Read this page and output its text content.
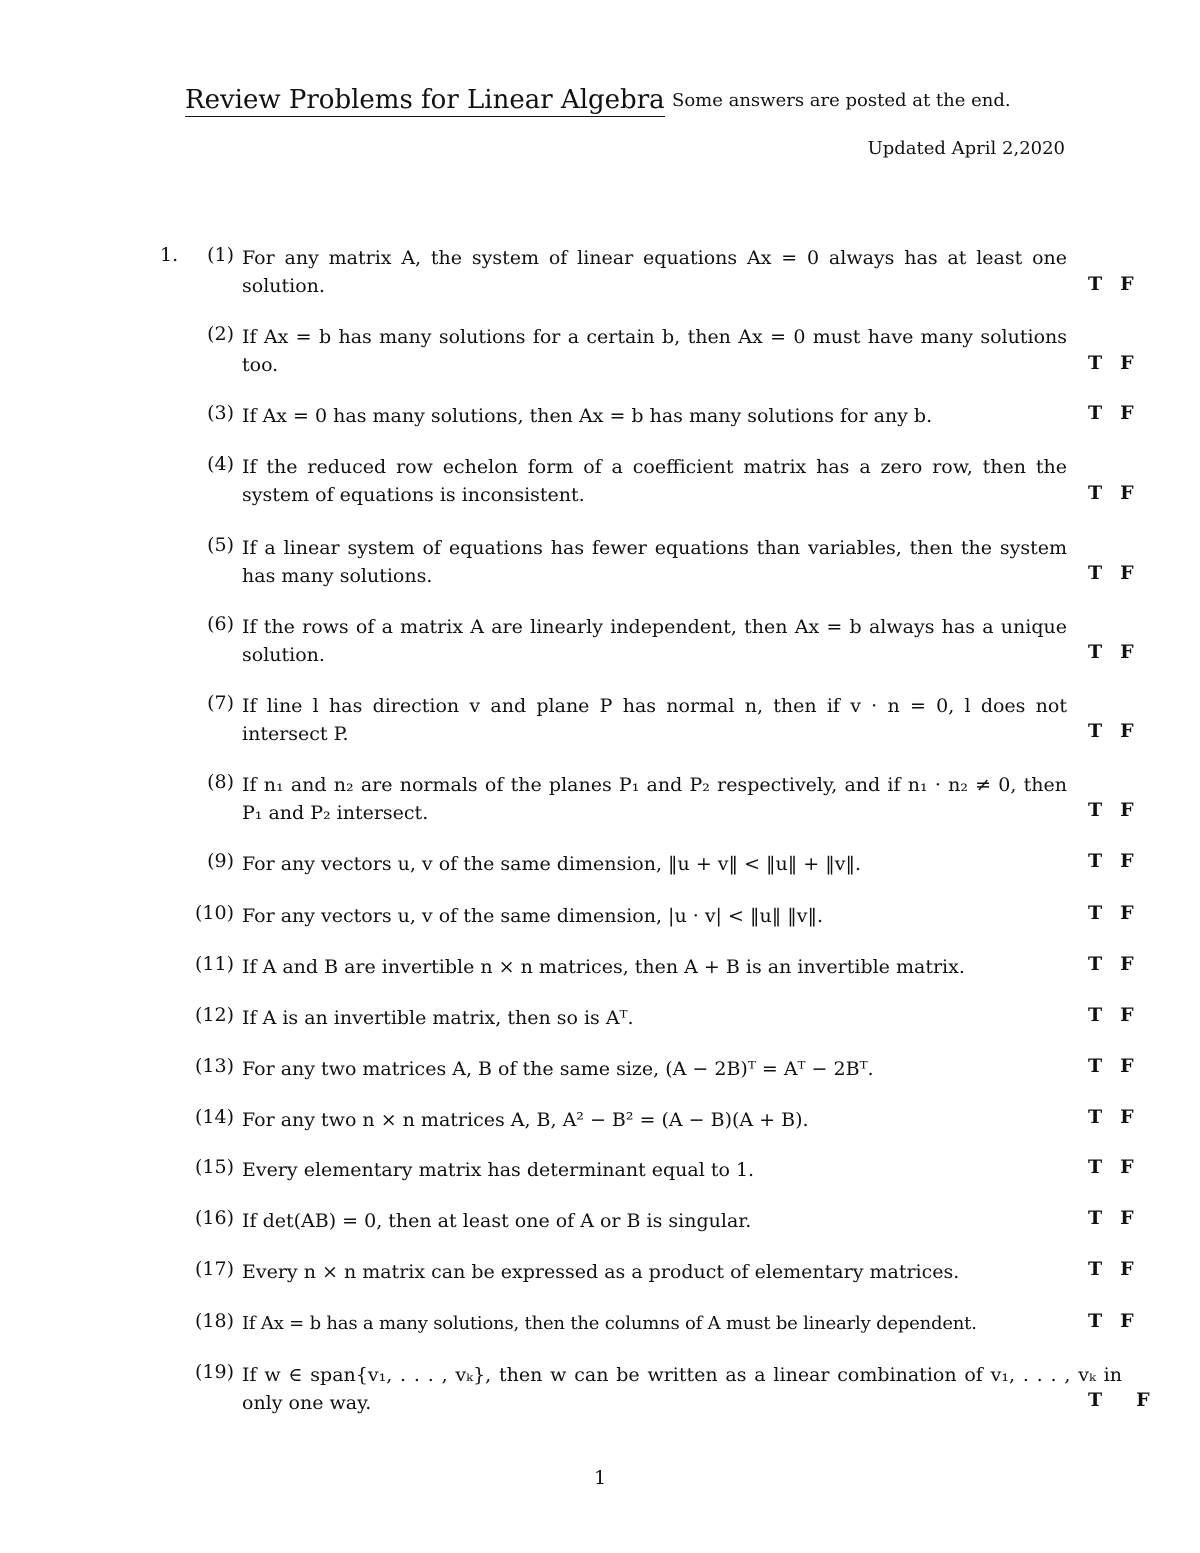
Review Problems for Linear Algebra Some answers are posted at the end.
Updated April 2,2020
1. (1) For any matrix A, the system of linear equations Ax = 0 always has at least one solution.	T F
(2) If Ax = b has many solutions for a certain b, then Ax = 0 must have many solutions too.	T F
(3) If Ax = 0 has many solutions, then Ax = b has many solutions for any b.	T F
(4) If the reduced row echelon form of a coefficient matrix has a zero row, then the system of equations is inconsistent.	T F
(5) If a linear system of equations has fewer equations than variables, then the system has many solutions.	T F
(6) If the rows of a matrix A are linearly independent, then Ax = b always has a unique solution.	T F
(7) If line l has direction v and plane P has normal n, then if v · n = 0, l does not intersect P.	T F
(8) If n₁ and n₂ are normals of the planes P₁ and P₂ respectively, and if n₁ · n₂ ≠ 0, then P₁ and P₂ intersect.	T F
(9) For any vectors u, v of the same dimension, ‖u + v‖ < ‖u‖ + ‖v‖.	T F
(10) For any vectors u, v of the same dimension, |u · v| < ‖u‖ ‖v‖.	T F
(11) If A and B are invertible n × n matrices, then A + B is an invertible matrix.	T F
(12) If A is an invertible matrix, then so is Aᵀ.	T F
(13) For any two matrices A, B of the same size, (A − 2B)ᵀ = Aᵀ − 2Bᵀ.	T F
(14) For any two n × n matrices A, B, A² − B² = (A − B)(A + B).	T F
(15) Every elementary matrix has determinant equal to 1.	T F
(16) If det(AB) = 0, then at least one of A or B is singular.	T F
(17) Every n × n matrix can be expressed as a product of elementary matrices.	T F
(18) If Ax = b has a many solutions, then the columns of A must be linearly dependent.	T F
(19) If w ∈ span{v₁, . . . , vₖ}, then w can be written as a linear combination of v₁, . . . , vₖ in only one way.	T F
1
